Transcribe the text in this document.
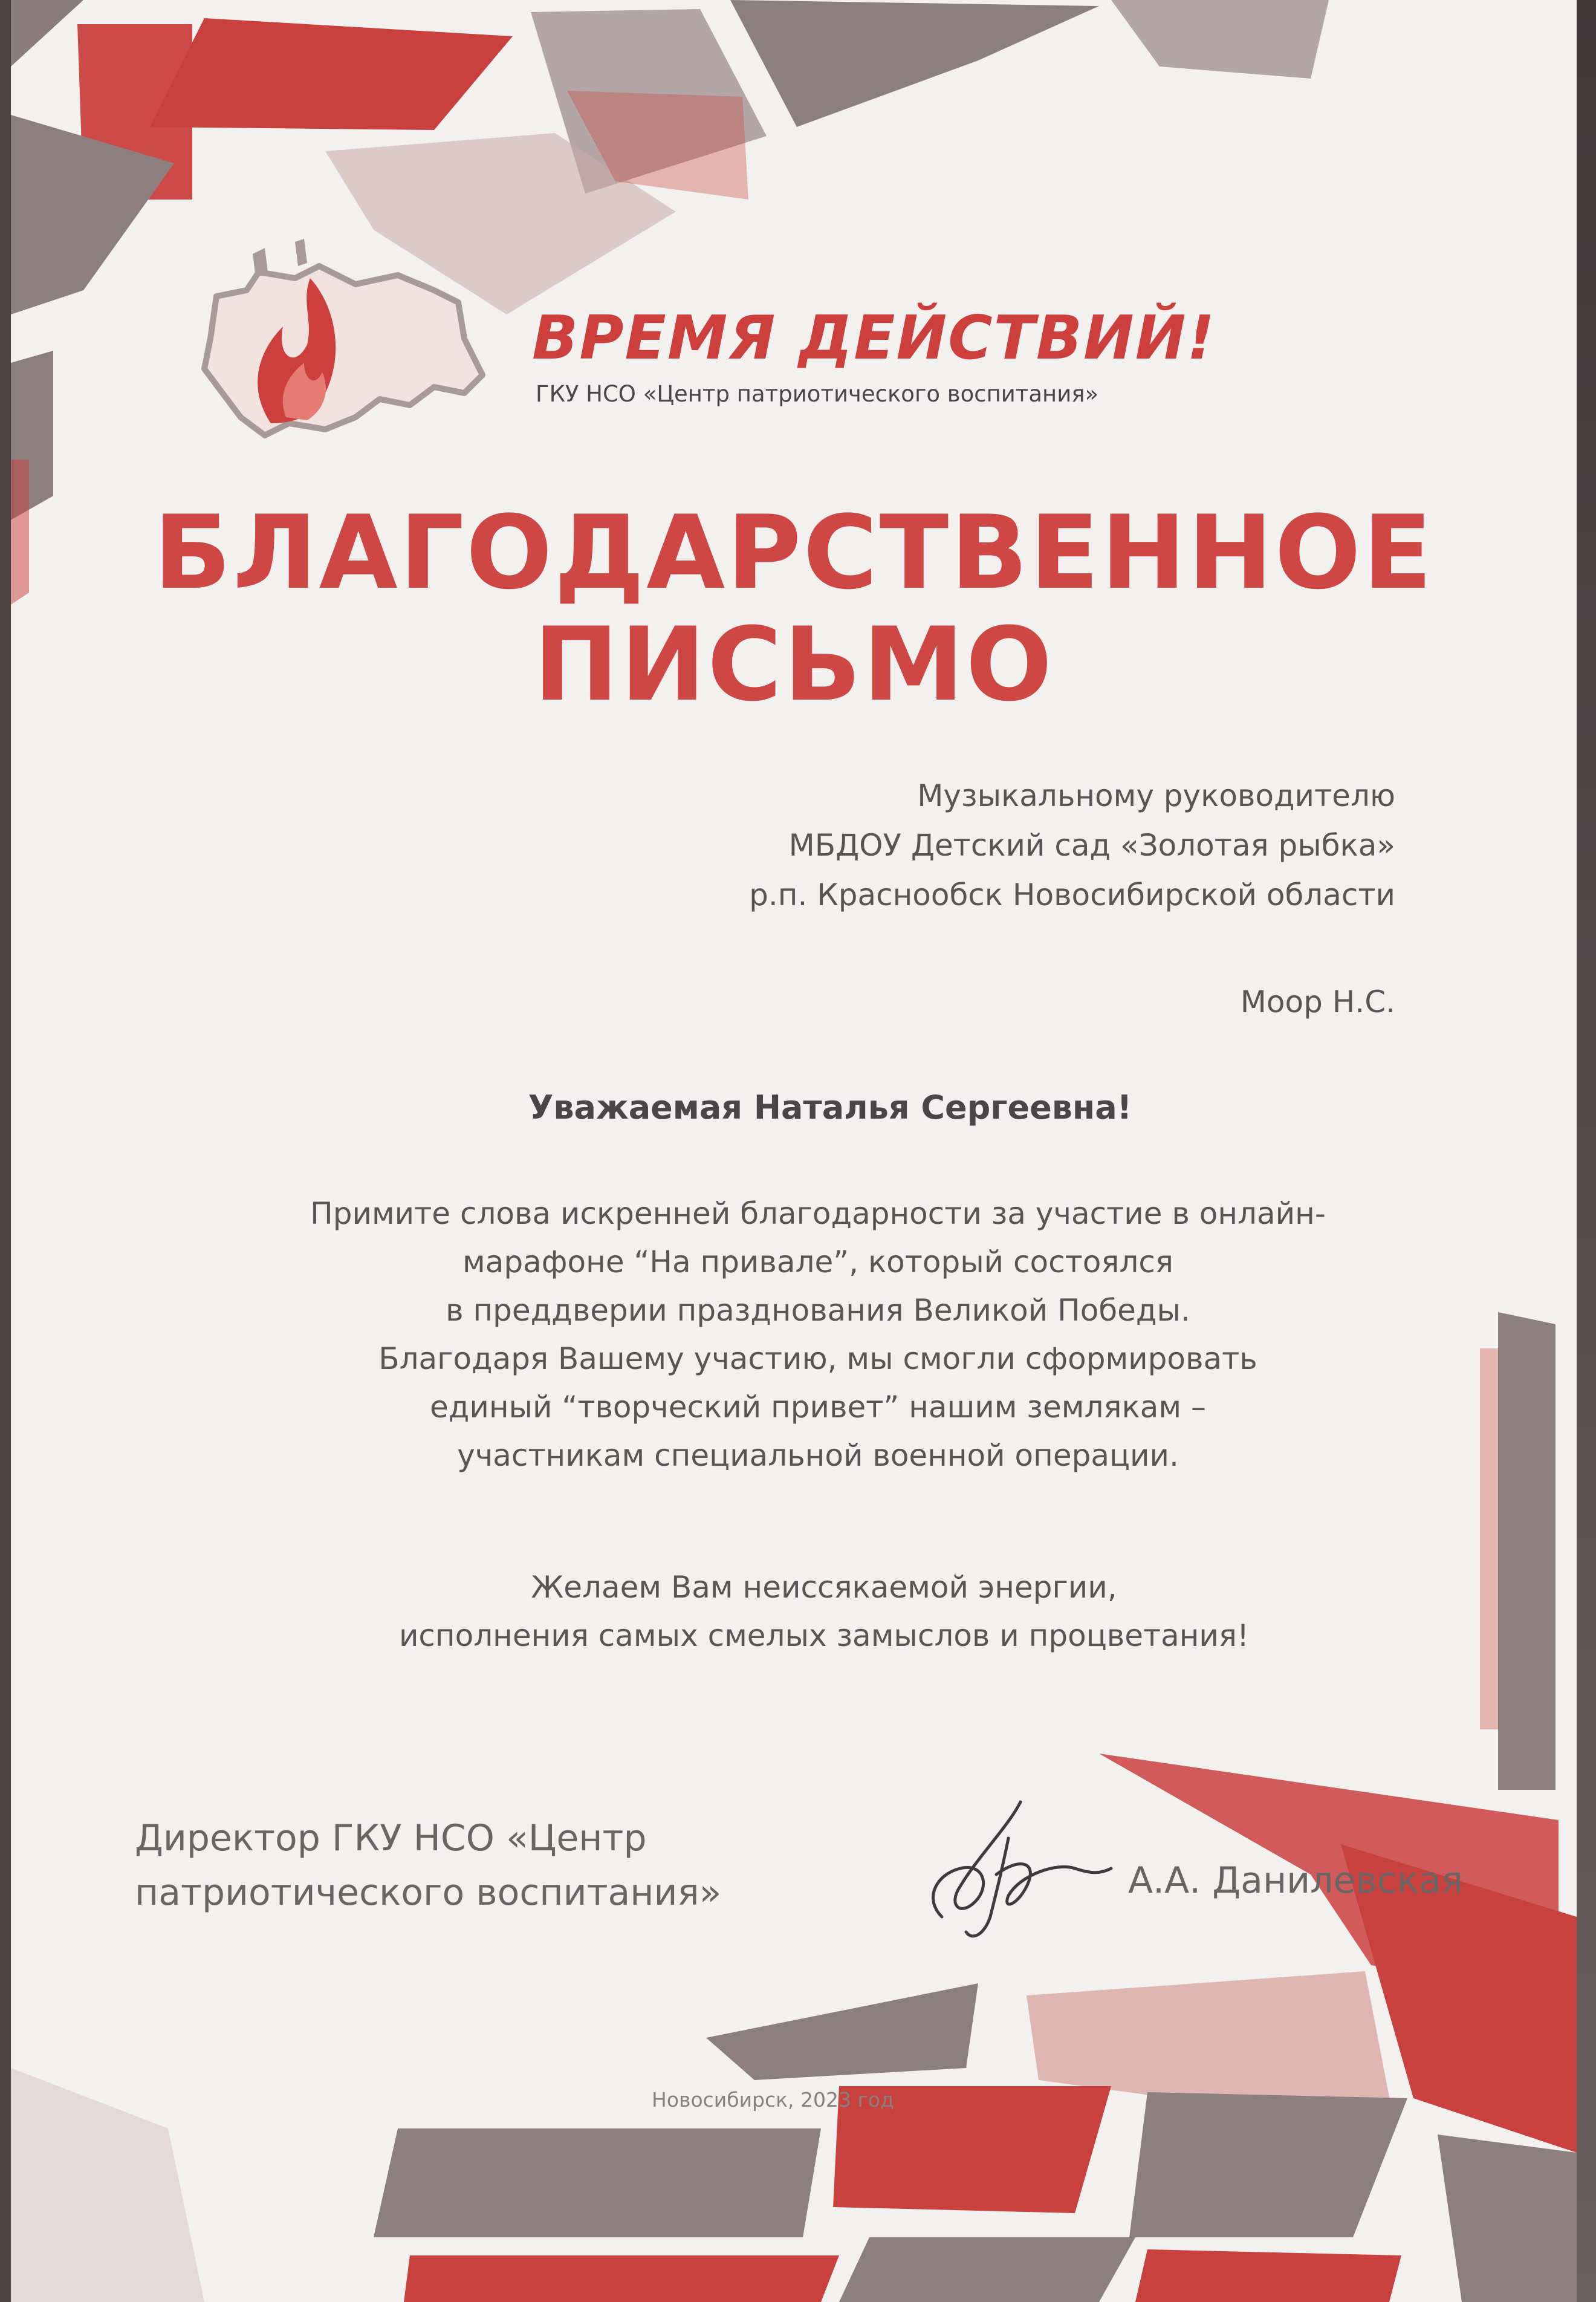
ВРЕМЯ ДЕЙСТВИЙ!
ГКУ НСО «Центр патриотического воспитания»
БЛАГОДАРСТВЕННОЕ
ПИСЬМО
Музыкальному руководителю
МБДОУ Детский сад «Золотая рыбка»
р.п. Краснообск Новосибирской области
Моор Н.С.
Уважаемая Наталья Сергеевна!
Примите слова искренней благодарности за участие в онлайн-
марафоне “На привале”, который состоялся
в преддверии празднования Великой Победы.
Благодаря Вашему участию, мы смогли сформировать
единый “творческий привет” нашим землякам –
участникам специальной военной операции.
Желаем Вам неиссякаемой энергии,
исполнения самых смелых замыслов и процветания!
Директор ГКУ НСО «Центр
патриотического воспитания»	А.А. Данилевская
Новосибирск, 2023 год
